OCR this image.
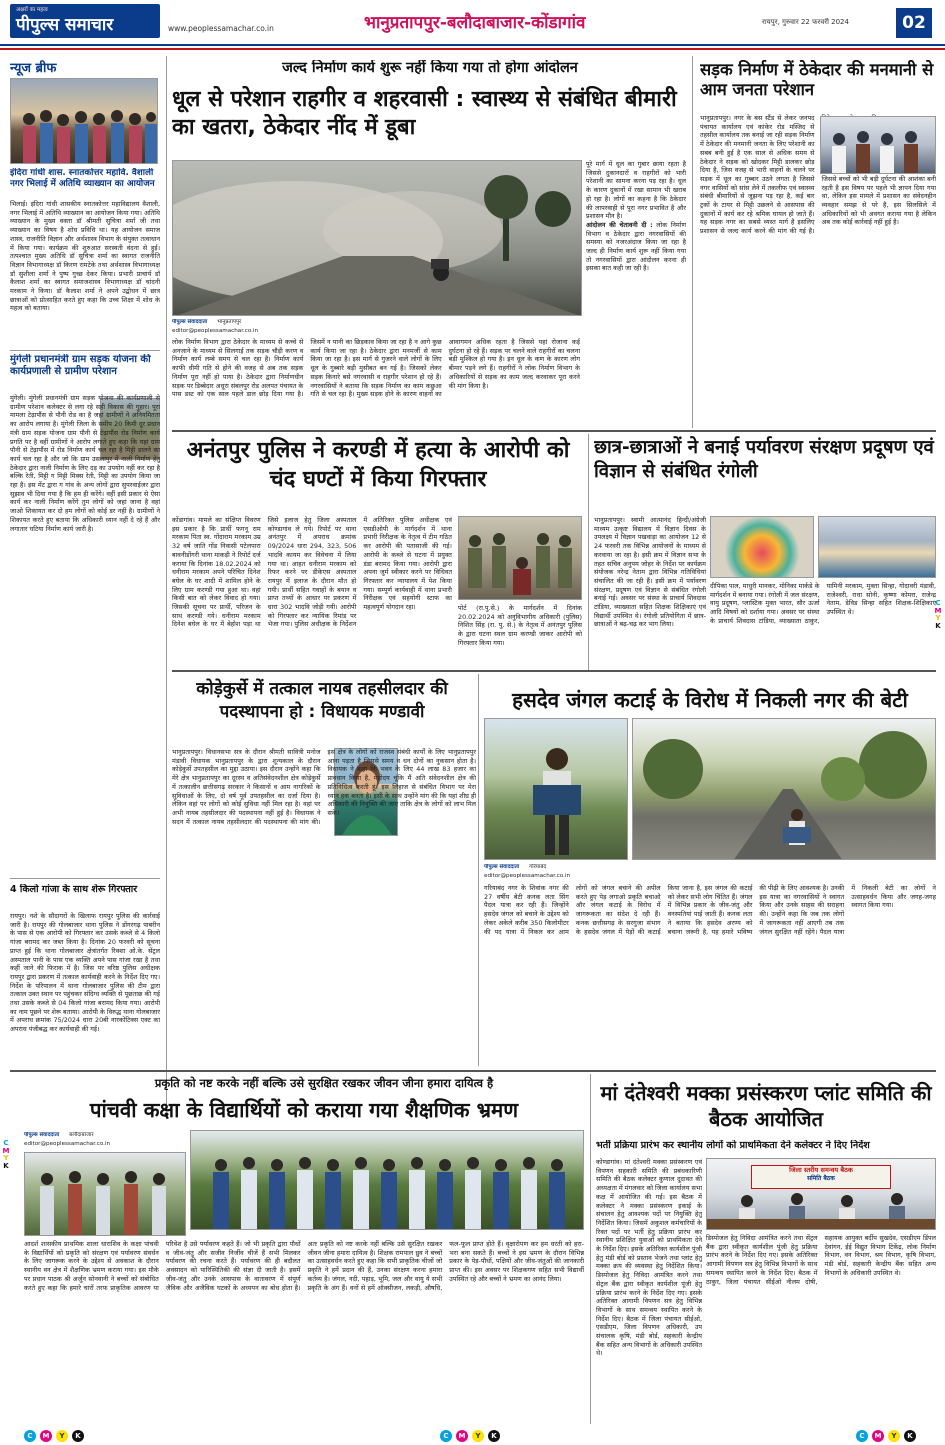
अक्षरों का महत्व
पीपुल्स समाचार	www.peoplessamachar.co.in	भानुप्रतापपुर-बलौदाबाजार-कोंडागांव	रायपुर, गुरुवार 22 फरवरी 2024	02
न्यूज ब्रीफ
इंदिरा गांधी शास. स्नातकोत्तर महावि. वैशाली नगर भिलाई में अतिथि व्याख्यान का आयोजन
भिलाई। इंदिरा गांधी शासकीय स्नातकोत्तर महाविद्यालय वैशाली, नगर भिलाई में अतिथि व्याख्यान का आयोजन किया गया। अतिथि व्याख्यान के मुख्य वक्ता डॉ श्रीमती सुचित्रा शर्मा जी तथा व्याख्यान का विषय है शोध प्रविधि था। यह आयोजन समाज शास्त्र, राजनीति विज्ञान और अर्थशास्त्र विभाग के संयुक्त तत्वाधान में किया गया। कार्यक्रम की शुरुआत सरस्वती वंदना से हुई। तत्पश्चात मुख्य अतिथि डॉ सुचित्रा शर्मा का स्वागत राजनीति विज्ञान विभागाध्यक्ष डॉ किरण रामटेके तथा अर्थशास्त्र विभागाध्यक्ष डॉ सुशीला शर्मा ने पुष्प गुच्छ देकर किया। प्रभारी प्राचार्य डॉ कैलाश शर्मा का स्वागत समाजशास्त्र विभागाध्यक्ष डॉ चांदनी मरकाम ने किया। डॉ कैलाश शर्मा ने अपने उद्बोधन में छात्र छात्राओं को प्रोत्साहित करते हुए कहा कि उच्च शिक्षा में शोध के महत्व को बताया।
मुंगेली प्रधानमंत्री ग्राम सड़क योजना की कार्यप्रणाली से ग्रामीण परेशान
मुंगेली। मुंगेली प्रधानमंत्री ग्राम सड़क योजना की कार्यप्रणाली से ग्रामीण परेशान कलेक्टर से लगा रहे सही विकास की गुहार। पूरा मामला टेढ़ापौंस से पौनी रोड का है जहां ग्रामीणों ने अनियमितता का आरोप लगाया है। मुंगेली जिला के समीप 20 किमी दूर प्रधान मंत्री ग्राम सड़क योजना ग्राम पौनी से टेढ़ापौंस रोड निर्माण कार्य प्रगति पर है वहीं ग्रामीणों ने आरोप लगाते हुए कहा कि यहां ग्राम पौनी से टेढ़ापौंस में रोड निर्माण कार्य चल रहा है मिट्टी डालने का कार्य चल रहा है और जो कि ग्राम उसलापुर में नाली निर्माण हेतु ठेकेदार द्वारा नाली निर्माण के लिए दड़ का उपयोग नहीं कर रहा है बल्कि रेती, मिट्टी ग मिट्टी मिक्स रेती, मिट्टी का उपयोग किया जा रहा है। इस मेंट द्वारा ग गांव के अन्य लोगों द्वारा सुपरवाईजर द्वारा सुझाव भी दिया गया है कि हम ही करेंगे। वहीं इसी प्रकार से ऐसा कार्य कर नाली निर्माण करेंगे तुम लोगों को जहां जाना है वहां जाओ शिकायत कर दो हम लोगों को कोई डर नहीं है। ग्रामीणों ने शिकायत करते हुए बताया कि अधिकारी ध्यान नहीं दे रहे हैं और लगातार घटिया निर्माण कार्य जारी है।
4 किलो गांजा के साथ शेरू गिरफ्तार
रायपुर। नशे के सौदागरों के खिलाफ रायपुर पुलिस की कार्रवाई जारी है। रायपुर की गोलबाजार थाना पुलिस ने डोंगरगढ़ पाबरीन के पास से एक आरोपी को गिरफ्तार कर उसके कब्जे से 4 किलो गांजा बरामद कर जब्त किया है। दिनांक 20 फरवरी को सूचना प्राप्त हुई कि थाना गोलबाजार क्षेत्रांतर्गत रिक्शा ओ.के. सेंट्रल अस्पताल पानी के पास एक व्यक्ति अपने पास गांजा रखा है तथा कहीं जाने की फिराक में है। जिस पर वरिष्ठ पुलिस अधीक्षक रायपुर द्वारा प्रकरण में तत्काल कार्यवाही करने के निर्देश दिए गए। निर्देश के परिपालन में थाना गोलबाजार पुलिस की टीम द्वारा तत्काल उक्त स्थान पर पहुंचकर संदिग्ध व्यक्ति से पूछताछ की गई तथा उसके कब्जे से 04 किलो गांजा बरामद किया गया। आरोपी का नाम पूछने पर शेरू बताया। आरोपी के विरुद्ध थाना गोलबाजार में अपराध क्रमांक 75/2024 धारा 20बी नारकोटिक्स एक्ट का अपराध पंजीबद्ध कर कार्यवाही की गई।
जल्द निर्माण कार्य शुरू नहीं किया गया तो होगा आंदोलन
धूल से परेशान राहगीर व शहरवासी : स्वास्थ्य से संबंधित बीमारी का खतरा, ठेकेदार नींद में डूबा
पीपुल्स संवाददाता भानुप्रतापपुर
editor@peoplessamachar.co.in
लोक निर्माण विभाग द्वारा ठेकेदार के माध्यम से कच्चे से अनजाने के माध्यम से सिलगाई तक सड़क चौड़ी करण व निर्माण कार्य लम्बे समय से चल रहा है। निर्माण कार्य काफी धीमी गति से होने की वजह से अब तक सड़क निर्माण पूरा नहीं हो पाया है। ठेकेदार द्वारा निर्माणधीन सड़क पर डिब्बेदार अधूरा संबलपुर रोड अलपत पंचायत के पास डस्ट को एक साल पहले डाल छोड़ दिया गया है। जिसमें न पानी का छिड़काव किया जा रहा है न आगे कुछ कार्य किया जा रहा है। ठेकेदार द्वारा मनमर्जी से काम किया जा रहा है। इस मार्ग से गुजरने वाले लोगों के लिए धूल के गुब्बारे बड़ी मुसीबत बन गई है। जिसको लेकर सड़क किनारे बसे नगरवासी व राहगीर परेशान हो रहे हैं। नगरवासियों ने बताया कि सड़क निर्माण का काम कछुआ गति से चल रहा है। मुख्य सड़क होने के कारण वाहनों का आवागमन अधिक रहता है जिससे यहां रोजाना कई दुर्घटना हो रहे हैं। सड़क पर चलने वाले राहगीरों का चलना बड़ी मुश्किल हो गया है। इन धूल के कण के कारण लोग बीमार पड़ने लगे हैं। राहगीरों ने लोक निर्माण विभाग के अधिकारियों से सड़क का काम जल्द करवाकर पूरा करने की मांग किया है।
पूरे मार्ग में धूल का गुबार छाया रहता है जिससे दुकानदारों व राहगीरों को भारी परेशानी का सामना करना पड़ रहा है। धूल के कारण दुकानों में रखा सामान भी खराब हो रहा है। लोगों का कहना है कि ठेकेदार की लापरवाही से पूरा नगर प्रभावित है और प्रशासन मौन है।
आंदोलन की चेतावनी दी : लोक निर्माण विभाग व ठेकेदार द्वारा नगरवासियों की समस्या को नजरअंदाज किया जा रहा है जल्द ही निर्माण कार्य शुरू नहीं किया गया तो नगरवासियों द्वारा आंदोलन करना ही इसका बात कही जा रही है।
सड़क निर्माण में ठेकेदार की मनमानी से आम जनता परेशान
भानुप्रतापपुर। नगर के बस स्टैंड से लेकर जनपद पंचायत कार्यालय एवं कांकेर रोड मस्जिद से तहसील कार्यालय तक बनाई जा रही सड़क निर्माण में ठेकेदार की मनमानी जनता के लिए परेशानी का सबब बनी हुई है एक साल से अधिक समय से ठेकेदार ने सड़क को खोदकर मिट्टी डालकर छोड़ दिया है, जिस वजह से भारी वाहनों के चलने पर सड़क में धूल का गुब्बार उठने लगता है जिससे नगर वासियों को सांस लेने में तकलीफ एवं स्वास्थ्य संबंधी बीमारियों से जूझना पड़ रहा है, कई बार ट्रकों के टायर से मिट्टी उछलने से आसपास की दुकानों में कार्य कर रहे श्रमिक घायल हो जाते हैं। यह सड़क नगर का सबसे व्यस्त मार्ग है इसलिए प्रशासन से जल्द कार्य करने की मांग की गई है। जिससे बच्चों को भी बड़ी दुर्घटना की आशंका बनी रहती है इस विषय पर पहले भी ज्ञापन दिया गया था, लेकिन इस मामले में प्रशासन का संवेदनहीन व्यवहार समझ से परे है, इस सिलसिले में अधिकारियों को भी अवगत कराया गया है लेकिन अब तक कोई कार्रवाई नहीं हुई है।
अनंतपुर पुलिस ने करण्डी में हत्या के आरोपी को चंद घण्टों में किया गिरफ्तार
कोंडागांव। मामले का संक्षिप्त विवरण इस प्रकार है कि प्रार्थी फगनू राम मरकाम पिता स्व. गोंदाराम मरकाम उम्र 32 वर्ष जाति गोंड निवासी पटेलपारा बावनीडोंगरी थाना माकड़ी ने रिपोर्ट दर्ज कराया कि दिनांक 18.02.2024 को धनीराम मरकाम अपने परिचित दिनेश बघेल के घर शादी में शामिल होने के लिए ग्राम करण्डी गया हुआ था। वहां किसी बात को लेकर विवाद हो गया। जिसकी सूचना पर प्रार्थी, परिजन के साथ करण्डी गये। धनीराम मरकाम दिनेश बघेल के घर में बेहोश पड़ा था जिसे इलाज हेतु जिला अस्पताल कोण्डागांव ले गये। रिपोर्ट पर थाना अनंतपुर में अपराध क्रमांक 09/2024 धारा 294, 323, 506 भादवि कायम कर विवेचना में लिया गया था। आहत धनीराम मरकाम को रिफर करने पर डीकेएस अस्पताल रायपुर में इलाज के दौरान मौत हो गयी। प्रार्थी सहित गवाहों के बयान व प्राप्त तथ्यों के आधार पर प्रकरण में धारा 302 भादवि जोड़ी गयी। आरोपी को गिरफ्तार कर न्यायिक रिमांड पर भेजा गया। पुलिस अधीक्षक के निर्देशन में अतिरिक्त पुलिस अधीक्षक एवं एसडीओपी के मार्गदर्शन में थाना प्रभारी निरीक्षक के नेतृत्व में टीम गठित कर आरोपी की पतासाजी की गई। आरोपी के कब्जे से घटना में प्रयुक्त डंडा बरामद किया गया। आरोपी द्वारा अपना जुर्म स्वीकार करने पर विधिवत गिरफ्तार कर न्यायालय में पेश किया गया। सम्पूर्ण कार्यवाही में थाना प्रभारी निरीक्षक एवं सहयोगी स्टाफ का महत्वपूर्ण योगदान रहा।	पोर्ट (रा.पु.से.) के मार्गदर्शन में दिनांक 20.02.2024 को अनुविभागीय अधिकारी (पुलिस) निशित सिंह (रा. पु. से.) के नेतृत्व में अनंतपुर पुलिस के द्वारा घटना स्थल ग्राम करण्डी जाकर आरोपी को गिरफ्तार किया गया।
छात्र-छात्राओं ने बनाई पर्यावरण संरक्षण प्रदूषण एवं विज्ञान से संबंधित रंगोली
भानुप्रतापपुर। स्वामी आत्मानंद हिन्दी/अंग्रेजी माध्यम उत्कृष्ट विद्यालय में विज्ञान दिवस के उपलक्ष्य में विज्ञान पखवाड़ा का आयोजन 12 से 24 फरवरी तक विभिन्न आयोजनों के माध्यम से करवाया जा रहा है। इसी क्रम में विज्ञान सभा के तहत सचिव अनुपम जोहर के निर्देश पर कार्यक्रम संयोजक नरेन्द्र नेताम द्वारा विभिन्न गतिविधियां संचालित की जा रही हैं। इसी क्रम में पर्यावरण संरक्षण, प्रदूषण एवं विज्ञान से संबंधित रंगोली बनाई गई। अवसर पर संस्था के प्राचार्य शिवदास टांडिया, व्याख्याता सहित शिक्षक शिक्षिकाएं एवं विद्यार्थी उपस्थित थे। रंगोली प्रतियोगिता में छात्र-छात्राओं ने बढ़-चढ़ कर भाग लिया।
दीपिका पाल, माधुरी मानकर, मोनिका मार्कडे के मार्गदर्शन में बनाया गया। रंगोली में जल संरक्षण, वायु प्रदूषण, प्लास्टिक मुक्त भारत, सौर ऊर्जा आदि विषयों को दर्शाया गया। अवसर पर संस्था के प्राचार्य शिवदास टांडिया, व्याख्याता ठाकुर, यामिनी मरकाम, मुक्ता सिन्हा, गोदावरी मंडावी, राजेश्वरी, राधा सोनी, कृष्णा कोमरा, राजेन्द्र नेताम, डेविड सिन्हा सहित शिक्षक-शिक्षिकाएं उपस्थित थे।
कोड़ेकुर्से में तत्काल नायब तहसीलदार की पदस्थापना हो : विधायक मण्डावी
भानुप्रतापपुर। विधानसभा सत्र के दौरान श्रीमती सावित्री मनोज मंडावी विधायक भानुप्रतापपुर के द्वारा शून्यकाल के दौरान कोड़ेकुर्से उपतहसील का मुद्दा उठाया। इस दौरान उन्होंने कहा कि मेरे क्षेत्र भानुप्रतापपुर का दूरस्थ व अतिसंवेदनशील क्षेत्र कोड़ेकुर्से में तत्कालीन छत्तीसगढ़ सरकार ने किसानों व आम नागरिकों के सुविधाओं के लिए, दो वर्ष पूर्व उपतहसील का दर्जा दिया है। लेकिन वहां पर लोगों को कोई सुविधा नहीं मिल रहा है। वहां पर अभी नायब तहसीलदार की पदस्थापना नहीं हुई है। विधायक ने सदन में तत्काल नायब तहसीलदार की पदस्थापना की मांग की। इस क्षेत्र के लोगों को राजस्व संबंधी कार्यों के लिए भानुप्रतापपुर आना पड़ता है जिससे समय व धन दोनों का नुकसान होता है। विधायक ने कहा कि भवन के लिए 44 लाख 83 हजार का प्रावधान किया है, महोदय चूंकि मैं अति संवेदनशील क्षेत्र की प्रतिनिधित्व करती हूं। इस लिहाज से संबंधित विभाग पर मेरा ध्यान हक बनता है। इसी के साथ उन्होंने मांग की कि यहां शीघ्र ही अधिकारी की नियुक्ति की जाए ताकि क्षेत्र के लोगों को लाभ मिल सके।
हसदेव जंगल कटाई के विरोध में निकली नगर की बेटी
पीपुल्स संवाददाता गरियाबंद
editor@peoplessamachar.co.in
गरियाबंद नगर के शिवांक नगर की 27 वर्षीय बेटी कनक लता सिंग पैदल यात्रा कर रही हैं। जिन्होंने हसदेव जंगल को बचाने के उद्देश्य को लेकर अकेले करीब 350 किलोमीटर की पद यात्रा में निकल कर आम लोगों को जंगल बचाने की अपील करते हुए पेड़ लगाओ प्रकृति बचाओ और जंगल कटाई के विरोध में जागरूकता का संदेश दे रही हैं। कनक छत्तीसगढ़ के सरगुजा संभाग के हसदेव जंगल में पेड़ों की कटाई किया जाना है, इस जंगल की कटाई को लेकर सभी लोग चिंतित हैं। जंगल में विभिन्न प्रकार के जीव-जंतु और वनस्पतियां पाई जाती हैं। कनक लता ने बताया कि हसदेव अरण्य को बचाना जरूरी है, यह हमारे भविष्य की पीढ़ी के लिए आवश्यक है। उनकी इस यात्रा का नगरवासियों ने स्वागत किया और उनके साहस की सराहना की। उन्होंने कहा कि जब तक लोगों में जागरूकता नहीं आएगी तब तक जंगल सुरक्षित नहीं रहेंगे। पैदल यात्रा में निकली बेटी का लोगों ने उत्साहवर्धन किया और जगह-जगह स्वागत किया गया।
प्रकृति को नष्ट करके नहीं बल्कि उसे सुरक्षित रखकर जीवन जीना हमारा दायित्व है
पांचवी कक्षा के विद्यार्थियों को कराया गया शैक्षणिक भ्रमण
पीपुल्स संवाददाता बलौदाबाजार
editor@peoplessamachar.co.in
आदर्श शासकीय प्राथमिक शाला धाराशिव के कक्षा पांचवी के विद्यार्थियों को प्रकृति को संरक्षण एवं पर्यावरण संवर्धन के लिए जागरूक करने के उद्देश्य से अवकाश के दौरान स्थानीय वन क्षेत्र में शैक्षणिक भ्रमण कराया गया। इस मौके पर प्रधान पाठक श्री अर्जुन सोनवानी ने बच्चों को संबोधित करते हुए कहा कि हमारे चारों तरफ प्राकृतिक आवरण या परिवेश है उसे पर्यावरण कहते हैं। जो भी प्रकृति द्वारा पौधों व जीव-जंतु और सजीव निर्जीव चीजें हैं सभी मिलकर पर्यावरण की रचना करते हैं। पर्यावरण की ही बदौलत अवसादन को पारिस्थितिकी की संज्ञा दी जाती है। इसमें जीव-जंतु और उनके आसपास के वातावरण में संपूर्ण जैविक और अजैविक घटकों के अध्ययन का बोध होता है। अतः प्रकृति को नष्ट करके नहीं बल्कि उसे सुरक्षित रखकर जीवन जीना हमारा दायित्व है। शिक्षक रामपाल ध्रुव ने बच्चों का उत्साहवर्धन करते हुए कहा कि सभी प्राकृतिक चीजों जो प्रकृति ने हमें प्रदान की हैं, उनका संरक्षण करना हमारा कर्तव्य है। जंगल, नदी, पहाड़, भूमि, जल और वायु ये सभी प्रकृति के अंग हैं। वनों से हमें ऑक्सीजन, लकड़ी, औषधि, फल-फूल प्राप्त होते हैं। वृक्षारोपण कर हम धरती को हरा-भरा बना सकते हैं। बच्चों ने इस भ्रमण के दौरान विभिन्न प्रकार के पेड़-पौधों, पक्षियों और जीव-जंतुओं की जानकारी प्राप्त की। इस अवसर पर शिक्षकगण सहित सभी विद्यार्थी उपस्थित रहे और बच्चों ने भ्रमण का आनंद लिया।
मां दंतेश्वरी मक्का प्रसंस्करण प्लांट समिति की बैठक आयोजित
भर्ती प्रक्रिया प्रारंभ कर स्थानीय लोगों को प्राथमिकता देने कलेक्टर ने दिए निर्देश
जिला स्तरीय समन्वय बैठक
समिति बैठक
कोण्डागांव। मां दंतेश्वरी मक्का प्रसंस्करण एवं विपणन सहकारी समिति की प्रबंधकारिणी समिति की बैठक कलेक्टर कुणाल दुदावत की अध्यक्षता में मंगलवार को जिला कार्यालय सभा कक्ष में आयोजित की गई। इस बैठक में कलेक्टर ने मक्का प्रसंस्करण इकाई के संचालन हेतु आवश्यक पदों पर नियुक्ति हेतु निर्देशित किया। जिसमें अकुशल कर्मचारियों के रिक्त पदों पर भर्ती हेतु प्रक्रिया प्रारंभ कर स्थानीय प्रशिक्षित युवाओं को प्राथमिकता देने के निर्देश दिए। इसके अतिरिक्त कार्यशील पूंजी हेतु मंडी बोर्ड को प्रस्ताव भेजने तथा प्लांट हेतु मक्का क्रय की व्यवस्था हेतु निर्देशित किया। डिस्पोजल हेतु निविदा आमंत्रित करने तथा सेट्रल बैंक द्वारा स्वीकृत कार्यशील पूंजी हेतु प्रक्रिया प्रारंभ करने के निर्देश दिए गए। इसके अतिरिक्त आगामी विपणन सत्र हेतु विभिन्न विभागों के साथ समन्वय स्थापित करने के निर्देश दिए। बैठक में जिला पंचायत सीईओ, एसडीएम, जिला विपणन अधिकारी, उप संचालक कृषि, मंडी बोर्ड, सहकारी केन्द्रीय बैंक सहित अन्य विभागों के अधिकारी उपस्थित थे।
डिस्पोजल हेतु निविदा आमंत्रित करने तथा सेंट्रल बैंक द्वारा स्वीकृत कार्यशील पूंजी हेतु प्रक्रिया प्रारंभ करने के निर्देश दिए गए। इसके अतिरिक्त आगामी विपणन सत्र हेतु विभिन्न विभागों के साथ समन्वय स्थापित करने के निर्देश दिए। बैठक में ठाकुर, जिला पंचायत सीईओ नीलम दोषी, सहायक आयुक्त बर्दीप सुखदेव, एसडीएम डिंपल देवांगन, ईई विद्युत विभाग टिकेंद्र, लोक निर्माण विभाग, वन विभाग, श्रम विभाग, कृषि विभाग, मंडी बोर्ड, सहकारी केन्द्रीय बैंक सहित अन्य विभागों के अधिकारी उपस्थित थे।
C
M
Y
K
C
M
Y
K
C	M	Y	K	C	M	Y	K	C	M	Y	K
